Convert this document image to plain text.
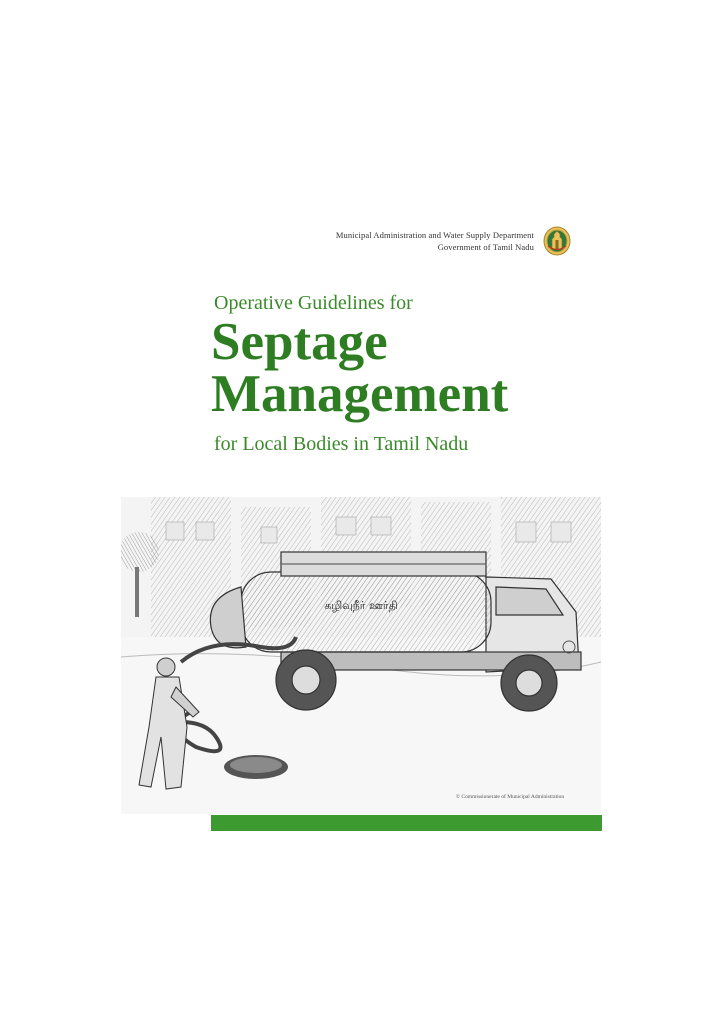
Municipal Administration and Water Supply Department
Government of Tamil Nadu
Operative Guidelines for
Septage
Management
for Local Bodies in Tamil Nadu
கழிவுநீர் ஊர்தி
© Commissionerate of Municipal Administration
